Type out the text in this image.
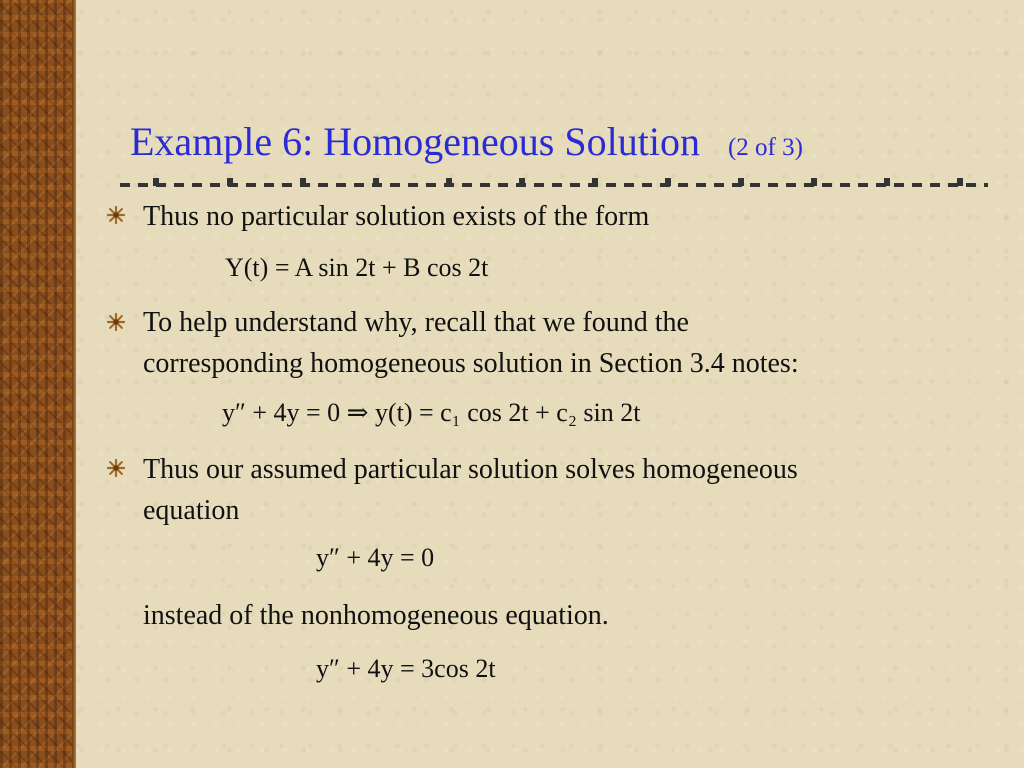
Example 6: Homogeneous Solution (2 of 3)

Thus no particular solution exists of the form

Y(t) = A sin 2t + B cos 2t

To help understand why, recall that we found the

corresponding homogeneous solution in Section 3.4 notes:

y″ + 4y = 0 ⇒ y(t) = c₁ cos 2t + c₂ sin 2t

Thus our assumed particular solution solves homogeneous

equation

y″ + 4y = 0

instead of the nonhomogeneous equation.

y″ + 4y = 3cos 2t
